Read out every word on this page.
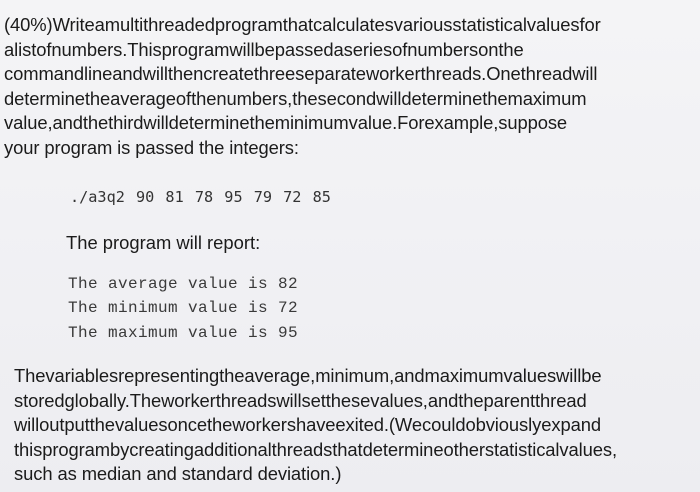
(40%)Writeamultithreadedprogramthatcalculatesvariousstatisticalvaluesfor
alistofnumbers.Thisprogramwillbepassedaseriesofnumbersonthe
commandlineandwillthencreatethreeseparateworkerthreads.Onethreadwill
determinetheaverageofthenumbers,thesecondwilldeterminethemaximum
value,andthethirdwilldeterminetheminimumvalue.Forexample,suppose
your program is passed the integers:
./a3q2 90 81 78 95 79 72 85
The program will report:
The average value is 82
The minimum value is 72
The maximum value is 95
Thevariablesrepresentingtheaverage,minimum,andmaximumvalueswillbe
storedglobally.Theworkerthreadswillsetthesevalues,andtheparentthread
willoutputthevaluesoncetheworkershaveexited.(Wecouldobviouslyexpand
thisprogrambycreatingadditionalthreadsthatdetermineotherstatisticalvalues,
such as median and standard deviation.)
